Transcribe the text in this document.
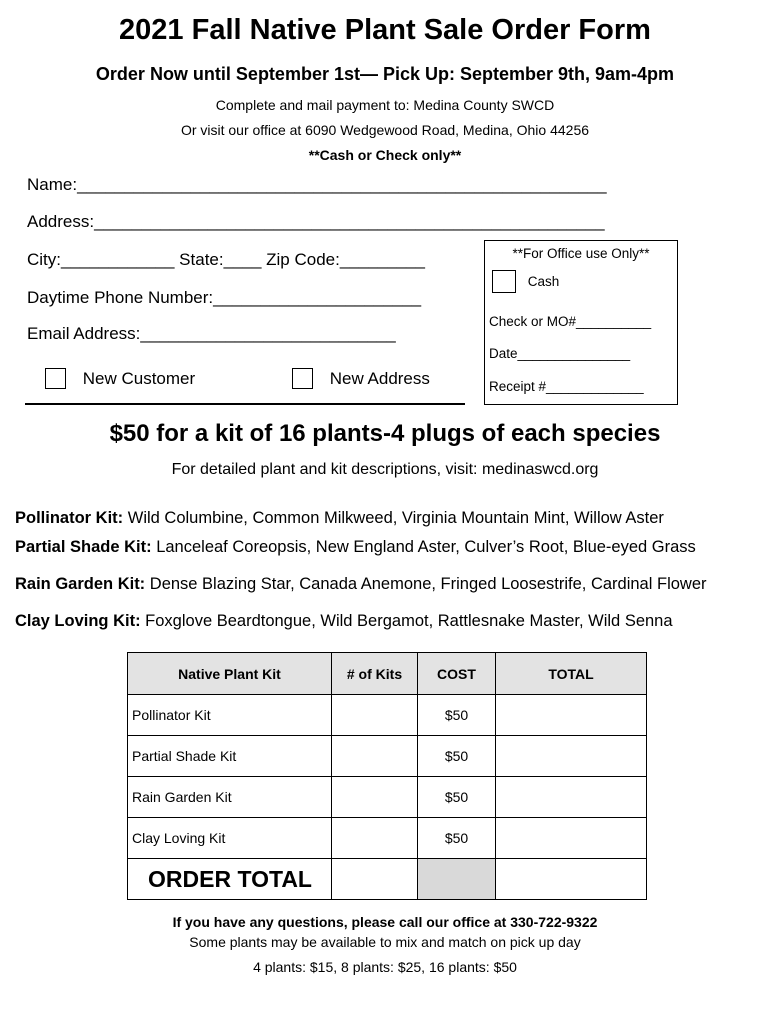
2021 Fall Native Plant Sale Order Form
Order Now until September 1st— Pick Up: September 9th, 9am-4pm
Complete and mail payment to: Medina County SWCD
Or visit our office at 6090 Wedgewood Road, Medina, Ohio 44256
**Cash or Check only**
Name:________________________________________________________
Address:______________________________________________________
City:____________ State:____ Zip Code:_________
Daytime Phone Number:______________________
Email Address:___________________________
New Customer	New Address
**For Office use Only**
Cash
Check or MO#__________
Date_______________
Receipt #_____________
$50 for a kit of 16 plants-4 plugs of each species
For detailed plant and kit descriptions, visit: medinaswcd.org
Pollinator Kit: Wild Columbine, Common Milkweed, Virginia Mountain Mint, Willow Aster
Partial Shade Kit: Lanceleaf Coreopsis, New England Aster, Culver’s Root, Blue-eyed Grass
Rain Garden Kit: Dense Blazing Star, Canada Anemone, Fringed Loosestrife, Cardinal Flower
Clay Loving Kit: Foxglove Beardtongue, Wild Bergamot, Rattlesnake Master, Wild Senna
Native Plant Kit	# of Kits	COST	TOTAL
Pollinator Kit		$50	
Partial Shade Kit		$50	
Rain Garden Kit		$50	
Clay Loving Kit		$50	
ORDER TOTAL			
If you have any questions, please call our office at 330-722-9322
Some plants may be available to mix and match on pick up day
4 plants: $15, 8 plants: $25, 16 plants: $50
